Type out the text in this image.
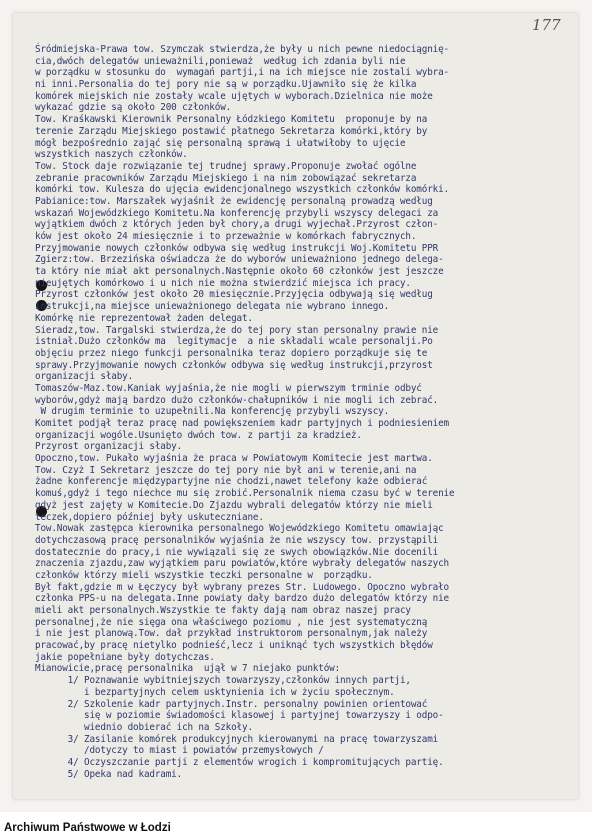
177
Śródmiejska-Prawa tow. Szymczak stwierdza,że były u nich pewne niedociągnię-
cia,dwóch delegatów unieważnili,ponieważ  według ich zdania byli nie
w porządku w stosunku do  wymagań partji,i na ich miejsce nie zostali wybra-
ni inni.Personalia do tej pory nie są w porządku.Ujawniło się że kilka
komórek miejskich nie zostały wcale ujętych w wyborach.Dzielnica nie może
wykazać gdzie są około 200 członków.
Tow. Kraśkawski Kierownik Personalny Łódzkiego Komitetu  proponuje by na
terenie Zarządu Miejskiego postawić płatnego Sekretarza komórki,który by
mógł bezpośrednio zająć się personalną sprawą i ułatwiłoby to ujęcie
wszystkich naszych członków.
Tow. Stock daje rozwiązanie tej trudnej sprawy.Proponuje zwołać ogólne
zebranie pracowników Zarządu Miejskiego i na nim zobowiązać sekretarza
komórki tow. Kulesza do ujęcia ewidencjonalnego wszystkich członków komórki.
Pabianice:tow. Marszałek wyjaśnił że ewidencję personalną prowadzą według
wskazań Wojewódzkiego Komitetu.Na konferencję przybyli wszyscy delegaci za
wyjątkiem dwóch z których jeden był chory,a drugi wyjechał.Przyrost człon-
ków jest około 24 miesięcznie i to przeważnie w komórkach fabrycznych.
Przyjmowanie nowych członków odbywa się według instrukcji Woj.Komitetu PPR
Zgierz:tow. Brzezińska oświadcza że do wyborów unieważniono jednego delega-
ta który nie miał akt personalnych.Następnie około 60 członków jest jeszcze
nieujętych komórkowo i u nich nie można stwierdzić miejsca ich pracy.
Przyrost członków jest około 20 miesięcznie.Przyjęcia odbywają się według
instrukcji,na miejsce unieważnionego delegata nie wybrano innego.
Komórkę nie reprezentował żaden delegat.
Sieradz,tow. Targalski stwierdza,że do tej pory stan personalny prawie nie
istniał.Dużo członków ma  legitymacje  a nie składali wcale personalji.Po
objęciu przez niego funkcji personalnika teraz dopiero porządkuje się te
sprawy.Przyjmowanie nowych członków odbywa się według instrukcji,przyrost
organizacji słaby.
Tomaszów-Maz.tow.Kaniak wyjaśnia,że nie mogli w pierwszym trminie odbyć
wyborów,gdyż mają bardzo dużo członków-chałupników i nie mogli ich zebrać.
W drugim terminie to uzupełnili.Na konferencję przybyli wszyscy.
Komitet podjął teraz pracę nad powiększeniem kadr partyjnych i podniesieniem
organizacji wogóle.Usunięto dwóch tow. z partji za kradzież.
Przyrost organizacji słaby.
Opoczno,tow. Pukało wyjaśnia że praca w Powiatowym Komitecie jest martwa.
Tow. Czyż I Sekretarz jeszcze do tej pory nie był ani w terenie,ani na
żadne konferencje międzypartyjne nie chodzi,nawet telefony każe odbierać
komuś,gdyż i tego niechce mu się zrobić.Personalnik niema czasu być w terenie
gdyż jest zajęty w Komitecie.Do Zjazdu wybrali delegatów którzy nie mieli
teczek,dopiero później były uskuteczniane.
Tow.Nowak zastępca kierownika personalnego Wojewódzkiego Komitetu omawiając
dotychczasową pracę personalników wyjaśnia że nie wszyscy tow. przystąpili
dostatecznie do pracy,i nie wywiązali się ze swych obowiązków.Nie docenili
znaczenia zjazdu,zaw wyjątkiem paru powiatów,które wybrały delegatów naszych
członków którzy mieli wszystkie teczki personalne w  porządku.
Był fakt,gdzie m w Łęczycy był wybrany prezes Str. Ludowego. Opoczno wybrało
członka PPS-u na delegata.Inne powiaty dały bardzo dużo delegatów którzy nie
mieli akt personalnych.Wszystkie te fakty dają nam obraz naszej pracy
personalnej,że nie sięga ona właściwego poziomu , nie jest systematyczną
i nie jest planową.Tow. dał przykład instruktorom personalnym,jak należy
pracować,by pracę nietylko podnieść,lecz i uniknąć tych wszystkich błędów
jakie popełniane były dotychczas.
Mianowicie,pracę personalnika  ujął w 7 niejako punktów:
1/ Poznawanie wybitniejszych towarzyszy,członków innych partji,
i bezpartyjnych celem usktynienia ich w życiu społecznym.
2/ Szkolenie kadr partyjnych.Instr. personalny powinien orientować
się w poziomie świadomości klasowej i partyjnej towarzyszy i odpo-
wiednio dobierać ich na Szkoły.
3/ Zasilanie komórek produkcyjnych kierowanymi na pracę towarzyszami
/dotyczy to miast i powiatów przemysłowych /
4/ Oczyszczanie partji z elementów wrogich i kompromitujących partię.
5/ Opeka nad kadrami.
Archiwum Państwowe w Łodzi
